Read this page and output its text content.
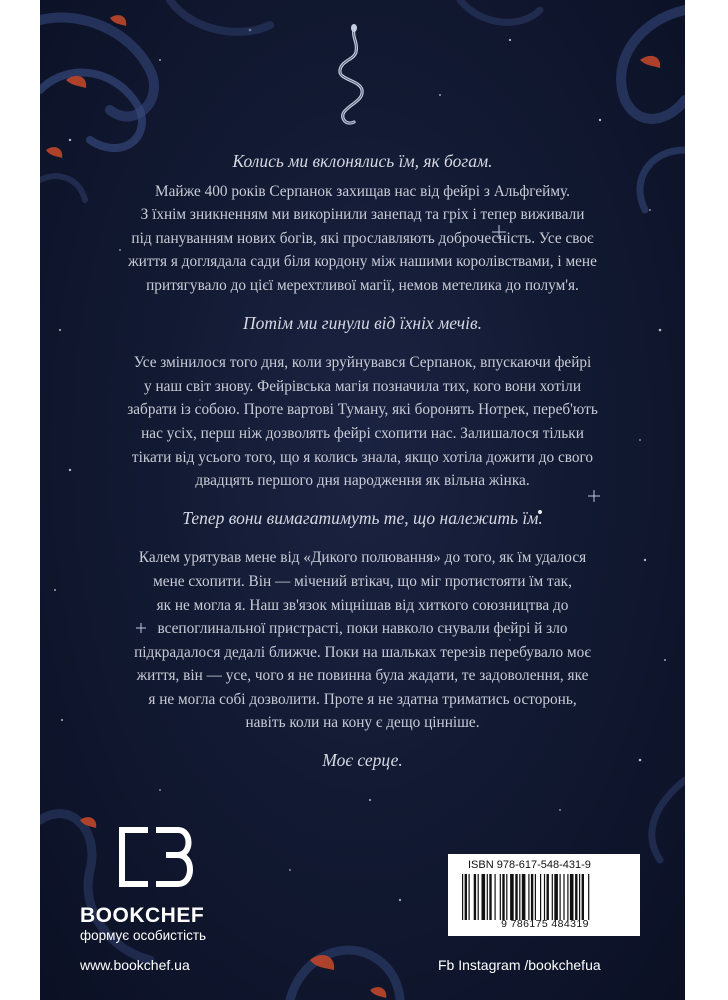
Колись ми вклонялись їм, як богам.

Майже 400 років Серпанок захищав нас від фейрі з Альфгейму.

З їхнім зникненням ми викорінили занепад та гріх і тепер виживали

під пануванням нових богів, які прославляють доброчесність. Усе своє

життя я доглядала сади біля кордону між нашими королівствами, і мене

притягувало до цієї мерехтливої магії, немов метелика до полум'я.

Потім ми гинули від їхніх мечів.

Усе змінилося того дня, коли зруйнувався Серпанок, впускаючи фейрі

у наш світ знову. Фейрівська магія позначила тих, кого вони хотіли

забрати із собою. Проте вартові Туману, які боронять Нотрек, переб'ють

нас усіх, перш ніж дозволять фейрі схопити нас. Залишалося тільки

тікати від усього того, що я колись знала, якщо хотіла дожити до свого

двадцять першого дня народження як вільна жінка.

Тепер вони вимагатимуть те, що належить їм.

Калем урятував мене від «Дикого полювання» до того, як їм удалося

мене схопити. Він — мічений втікач, що міг протистояти їм так,

як не могла я. Наш зв'язок міцнішав від хиткого союзництва до

всепоглинальної пристрасті, поки навколо снували фейрі й зло

підкрадалося дедалі ближче. Поки на шальках терезів перебувало моє

життя, він — усе, чого я не повинна була жадати, те задоволення, яке

я не могла собі дозволити. Проте я не здатна триматись осторонь,

навіть коли на кону є дещо цінніше.

Моє серце.

BOOKCHEF
формує особистість
www.bookchef.ua	Fb Instagram /bookchefua
ISBN 978-617-548-431-9
9 786175 484319
